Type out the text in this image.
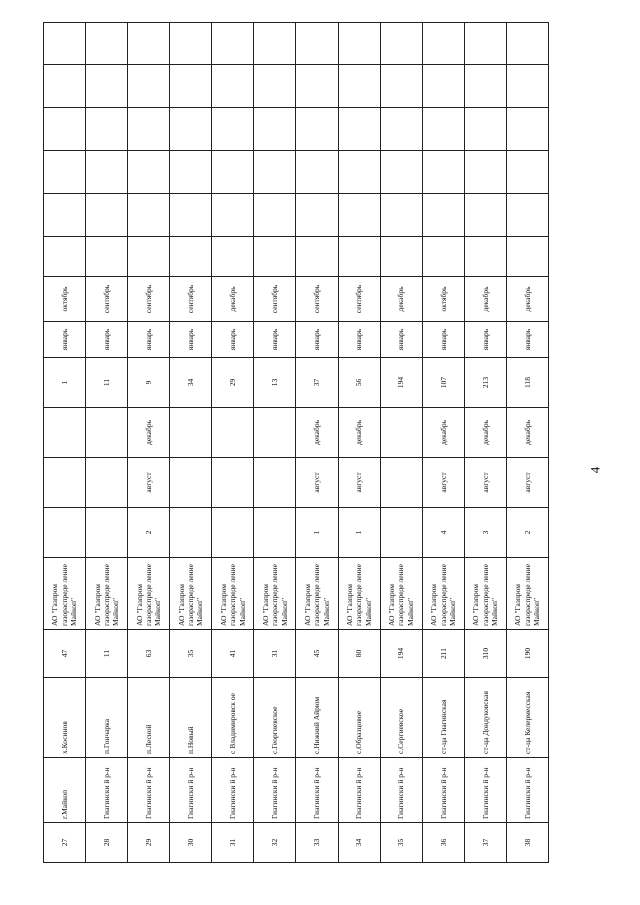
27	г.Майкоп	х.Косинов	47	АО "Газпром газораспреде ление Майкоп"				1	январь	октябрь						
28	Гиагински й р-н	п.Гончарка	11	АО "Газпром газораспреде ление Майкоп"				11	январь	сентябрь						
29	Гиагински й р-н	п.Лесной	63	АО "Газпром газораспреде ление Майкоп"	2	август	декабрь	9	январь	сентябрь						
30	Гиагински й р-н	п.Новый	35	АО "Газпром газораспреде ление Майкоп"				34	январь	сентябрь						
31	Гиагински й р-н	с Владимировск ое	41	АО "Газпром газораспреде ление Майкоп"				29	январь	декабрь						
32	Гиагински й р-н	с.Георгиевское	31	АО "Газпром газораспреде ление Майкоп"				13	январь	сентябрь						
33	Гиагински й р-н	с.Нижний Айрюм	45	АО "Газпром газораспреде ление Майкоп"	1	август	декабрь	37	январь	сентябрь						
34	Гиагински й р-н	с.Образцовое	80	АО "Газпром газораспреде ление Майкоп"	1	август	декабрь	56	январь	сентябрь						
35	Гиагински й р-н	с.Сергиевское	194	АО "Газпром газораспреде ление Майкоп"				194	январь	декабрь						
36	Гиагински й р-н	ст-ца Гиагинская	211	АО "Газпром газораспреде ление Майкоп"	4	август	декабрь	107	январь	октябрь						
37	Гиагински й р-н	ст-ца Дондуковская	310	АО "Газпром газораспреде ление Майкоп"	3	август	декабрь	213	январь	декабрь						
38	Гиагински й р-н	ст-ца Келермесская	190	АО "Газпром газораспреде ление Майкоп"	2	август	декабрь	118	январь	декабрь						
4
